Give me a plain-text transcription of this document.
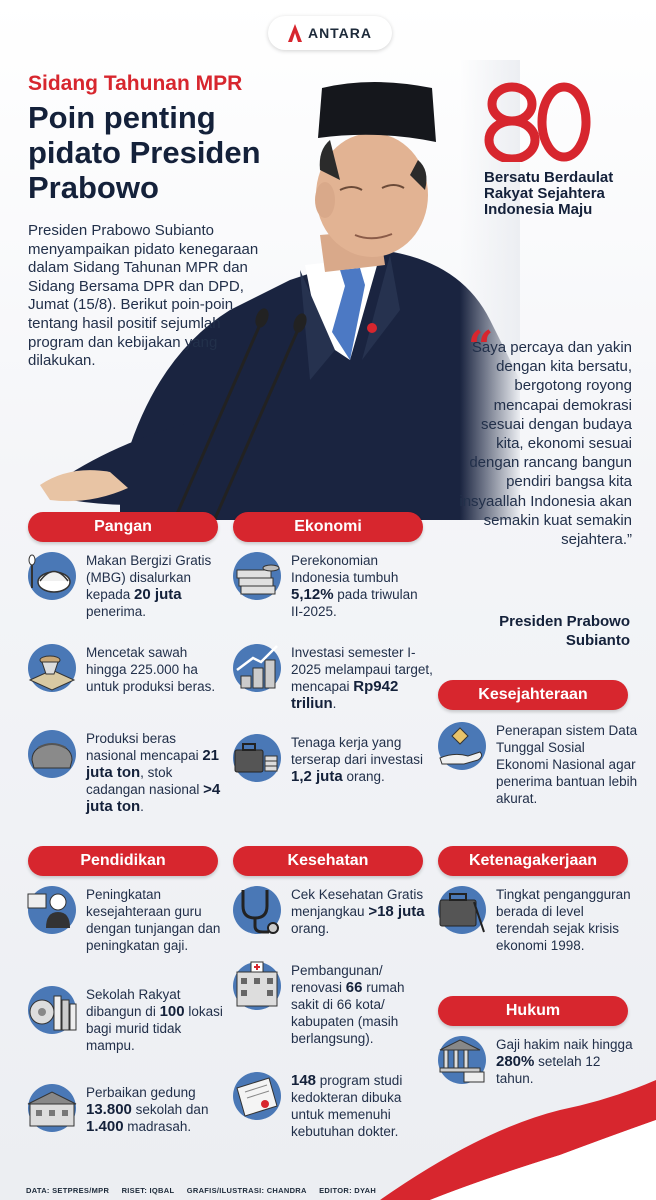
ANTARA
Sidang Tahunan MPR
Poin penting pidato Presiden Prabowo
Presiden Prabowo Subianto menyampaikan pidato kenegaraan dalam Sidang Tahunan MPR dan Sidang Bersama DPR dan DPD, Jumat (15/8). Berikut poin-poin tentang hasil positif sejumlah program dan kebijakan yang dilakukan.
Bersatu Berdaulat
Rakyat Sejahtera
Indonesia Maju
“
Saya percaya dan yakin dengan kita bersatu, bergotong royong mencapai demokrasi sesuai dengan budaya kita, ekonomi sesuai dengan rancang bangun pendiri bangsa kita insyaallah Indonesia akan semakin kuat semakin sejahtera.”
Presiden Prabowo Subianto
Pangan
Makan Bergizi Gratis (MBG) disalurkan kepada 20 juta penerima.
Mencetak sawah hingga 225.000 ha untuk produksi beras.
Produksi beras nasional mencapai 21 juta ton, stok cadangan nasional >4 juta ton.
Ekonomi
Perekonomian Indonesia tumbuh 5,12% pada triwulan II-2025.
Investasi semester I-2025 melampaui target, mencapai Rp942 triliun.
Tenaga kerja yang terserap dari investasi 1,2 juta orang.
Kesejahteraan
Penerapan sistem Data Tunggal Sosial Ekonomi Nasional agar penerima bantuan lebih akurat.
Pendidikan
Peningkatan kesejahteraan guru dengan tunjangan dan peningkatan gaji.
Sekolah Rakyat dibangun di 100 lokasi bagi murid tidak mampu.
Perbaikan gedung 13.800 sekolah dan 1.400 madrasah.
Kesehatan
Cek Kesehatan Gratis menjangkau >18 juta orang.
Pembangunan/ renovasi 66 rumah sakit di 66 kota/ kabupaten (masih berlangsung).
148 program studi kedokteran dibuka untuk memenuhi kebutuhan dokter.
Ketenagakerjaan
Tingkat pengangguran berada di level terendah sejak krisis ekonomi 1998.
Hukum
Gaji hakim naik hingga 280% setelah 12 tahun.
DATA: SETPRES/MPR RISET: IQBAL GRAFIS/ILUSTRASI: CHANDRA EDITOR: DYAH
